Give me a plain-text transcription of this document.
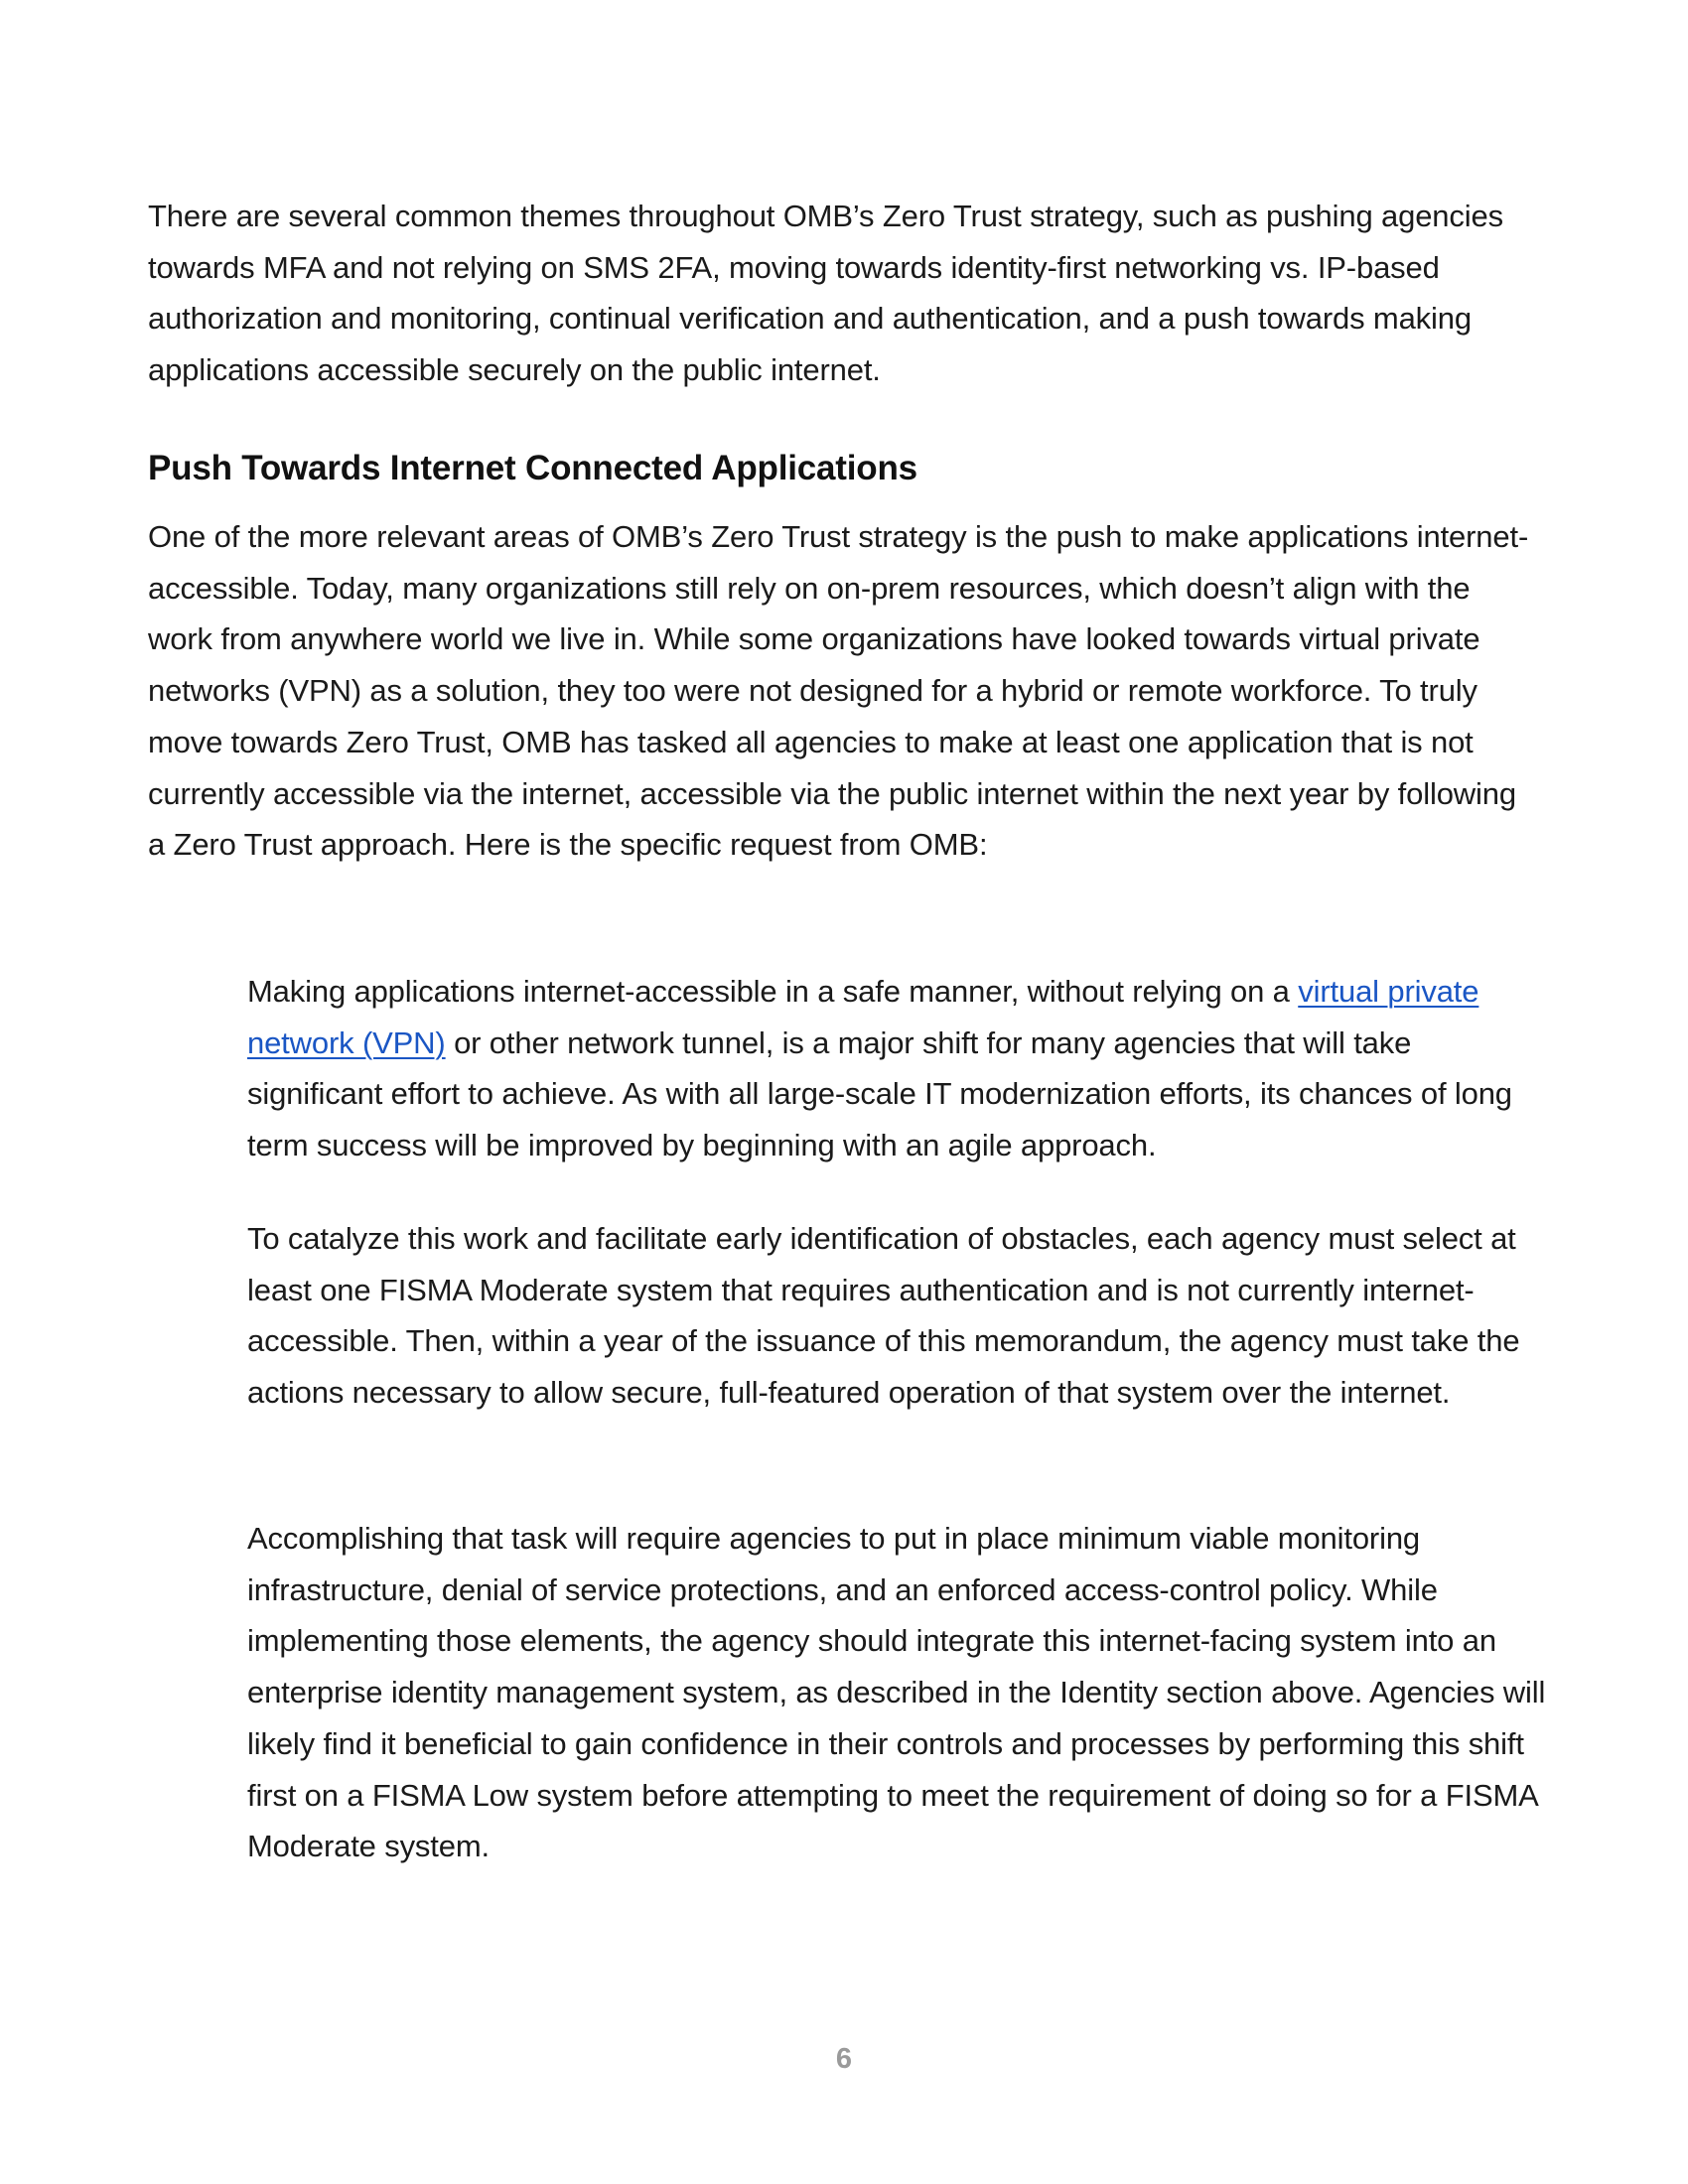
There are several common themes throughout OMB’s Zero Trust strategy, such as pushing agencies towards MFA and not relying on SMS 2FA, moving towards identity-first networking vs. IP-based authorization and monitoring, continual verification and authentication, and a push towards making applications accessible securely on the public internet.

Push Towards Internet Connected Applications

One of the more relevant areas of OMB’s Zero Trust strategy is the push to make applications internet-accessible. Today, many organizations still rely on on-prem resources, which doesn’t align with the work from anywhere world we live in. While some organizations have looked towards virtual private networks (VPN) as a solution, they too were not designed for a hybrid or remote workforce. To truly move towards Zero Trust, OMB has tasked all agencies to make at least one application that is not currently accessible via the internet, accessible via the public internet within the next year by following a Zero Trust approach. Here is the specific request from OMB:

Making applications internet-accessible in a safe manner, without relying on a virtual private network (VPN) or other network tunnel, is a major shift for many agencies that will take significant effort to achieve. As with all large-scale IT modernization efforts, its chances of long term success will be improved by beginning with an agile approach.

To catalyze this work and facilitate early identification of obstacles, each agency must select at least one FISMA Moderate system that requires authentication and is not currently internet-accessible. Then, within a year of the issuance of this memorandum, the agency must take the actions necessary to allow secure, full-featured operation of that system over the internet.

Accomplishing that task will require agencies to put in place minimum viable monitoring infrastructure, denial of service protections, and an enforced access-control policy. While implementing those elements, the agency should integrate this internet-facing system into an enterprise identity management system, as described in the Identity section above. Agencies will likely find it beneficial to gain confidence in their controls and processes by performing this shift first on a FISMA Low system before attempting to meet the requirement of doing so for a FISMA Moderate system.

6
